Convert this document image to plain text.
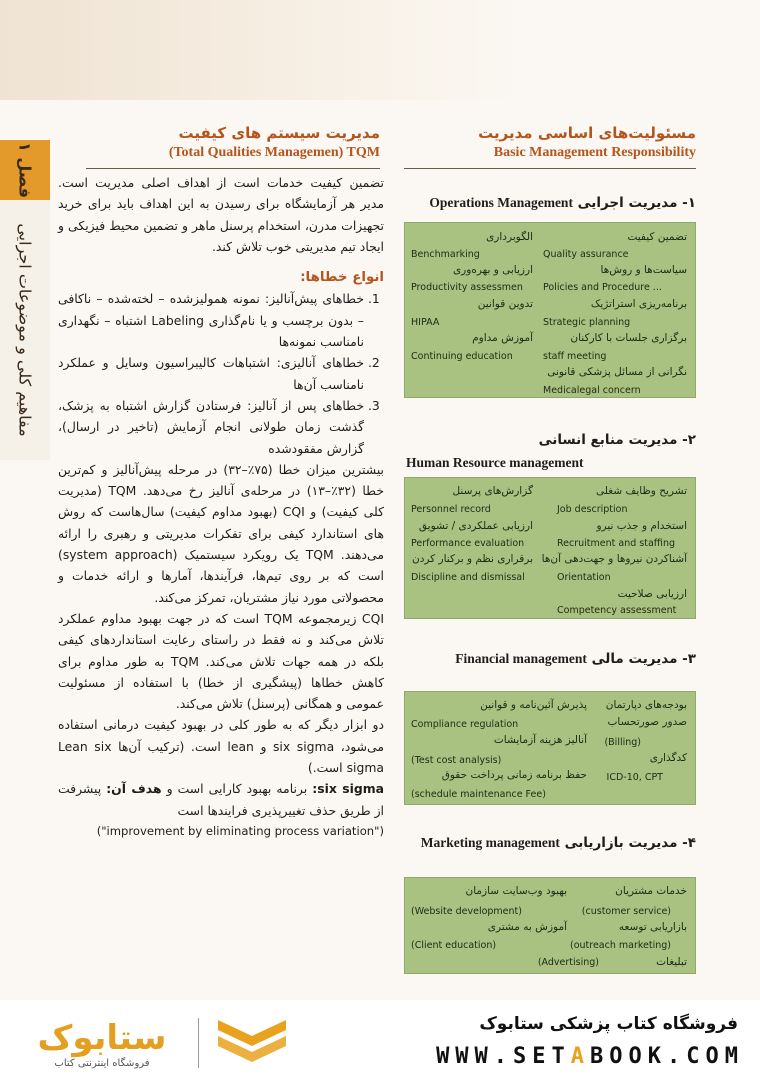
فصل ۱
مفاهیم کلی و موضوعات اجرایی
مسئولیت‌های اساسی مدیریت
Basic Management Responsibility
مدیریت سیستم های کیفیت
(Total Qualities Managemen) TQM

تضمین کیفیت خدمات است از اهداف اصلی مدیریت است. مدیر هر آزمایشگاه برای رسیدن به این اهداف باید برای خرید تجهیزات مدرن، استخدام پرسنل ماهر و تضمین محیط فیزیکی و ایجاد تیم مدیریتی خوب تلاش کند.

انواع خطاها:

1. خطاهای پیش‌آنالیز: نمونه همولیزشده – لخته‌شده – ناکافی – بدون برچسب و یا نام‌گذاری Labeling اشتباه – نگهداری نامناسب نمونه‌ها
2. خطاهای آنالیزی: اشتباهات کالیبراسیون وسایل و عملکرد نامناسب آن‌ها
3. خطاهای پس از آنالیز: فرستادن گزارش اشتباه به پزشک، گذشت زمان طولانی انجام آزمایش (تاخیر در ارسال)، گزارش مفقودشده

بیشترین میزان خطا (۷۵٪–۳۲) در مرحله پیش‌آنالیز و کم‌ترین خطا (۳۲٪–۱۳) در مرحله‌ی آنالیز رخ می‌دهد. TQM (مدیریت کلی کیفیت) و CQI (بهبود مداوم کیفیت) سال‌هاست که روش های استاندارد کیفی برای تفکرات مدیریتی و رهبری را ارائه می‌دهند. TQM یک رویکرد سیستمیک (system approach) است که بر روی تیم‌ها، فرآیندها، آمارها و ارائه خدمات و محصولاتی مورد نیاز مشتریان، تمرکز می‌کند.

CQI زیرمجموعه TQM است که در جهت بهبود مداوم عملکرد تلاش می‌کند و نه فقط در راستای رعایت استانداردهای کیفی بلکه در همه جهات تلاش می‌کند. TQM به طور مداوم برای کاهش خطاها (پیشگیری از خطا) با استفاده از مسئولیت عمومی و همگانی (پرسنل) تلاش می‌کند.

دو ابزار دیگر که به طور کلی در بهبود کیفیت درمانی استفاده می‌شود، six sigma و lean است. (ترکیب آن‌ها Lean six sigma است.)

six sigma: برنامه بهبود کارایی است و هدف آن: پیشرفت از طریق حذف تغییرپذیری فرایندها است

("improvement by eliminating process variation")

۱- مدیریت اجرایی Operations Management
۲- مدیریت منابع انسانی
Human Resource management
۳- مدیریت مالی Financial management
۴- مدیریت بازاریابی Marketing management
تضمین کیفیت
الگوبرداری
Quality assurance
Benchmarking
سیاست‌ها و روش‌ها
ارزیابی و بهره‌وری
Policies and Procedure ...
Productivity assessmen
برنامه‌ریزی استراتژیک
تدوین قوانین
Strategic planning
HIPAA
برگزاری جلسات با کارکنان
آموزش مداوم
staff meeting
Continuing education
نگرانی از مسائل پزشکی قانونی
Medicalegal concern
تشریح وظایف شغلی
گزارش‌های پرسنل
Job description
Personnel record
استخدام و جذب نیرو
ارزیابی عملکردی / تشویق
Recruitment and staffing
Performance evaluation
آشناکردن نیروها و جهت‌دهی آن‌ها
برقراری نظم و برکنار کردن
Orientation
Discipline and dismissal
ارزیابی صلاحیت
Competency assessment
بودجه‌های دپارتمان
پذیرش آئین‌نامه و قوانین
صدور صورتحساب
Compliance regulation
(Billing)
آنالیز هزینه آزمایشات
کدگذاری
(Test cost analysis)
ICD-10, CPT
حفظ برنامه زمانی پرداخت حقوق
(schedule maintenance Fee)
خدمات مشتریان
بهبود وب‌سایت سازمان
(customer service)
(Website development)
بازاریابی توسعه
آموزش به مشتری
(outreach marketing)
(Client education)
تبلیغات
(Advertising)
ستابوک
فروشگاه اینترنتی کتاب
فروشگاه کتاب پزشکی ستابوک
WWW.SETABOOK.COM
